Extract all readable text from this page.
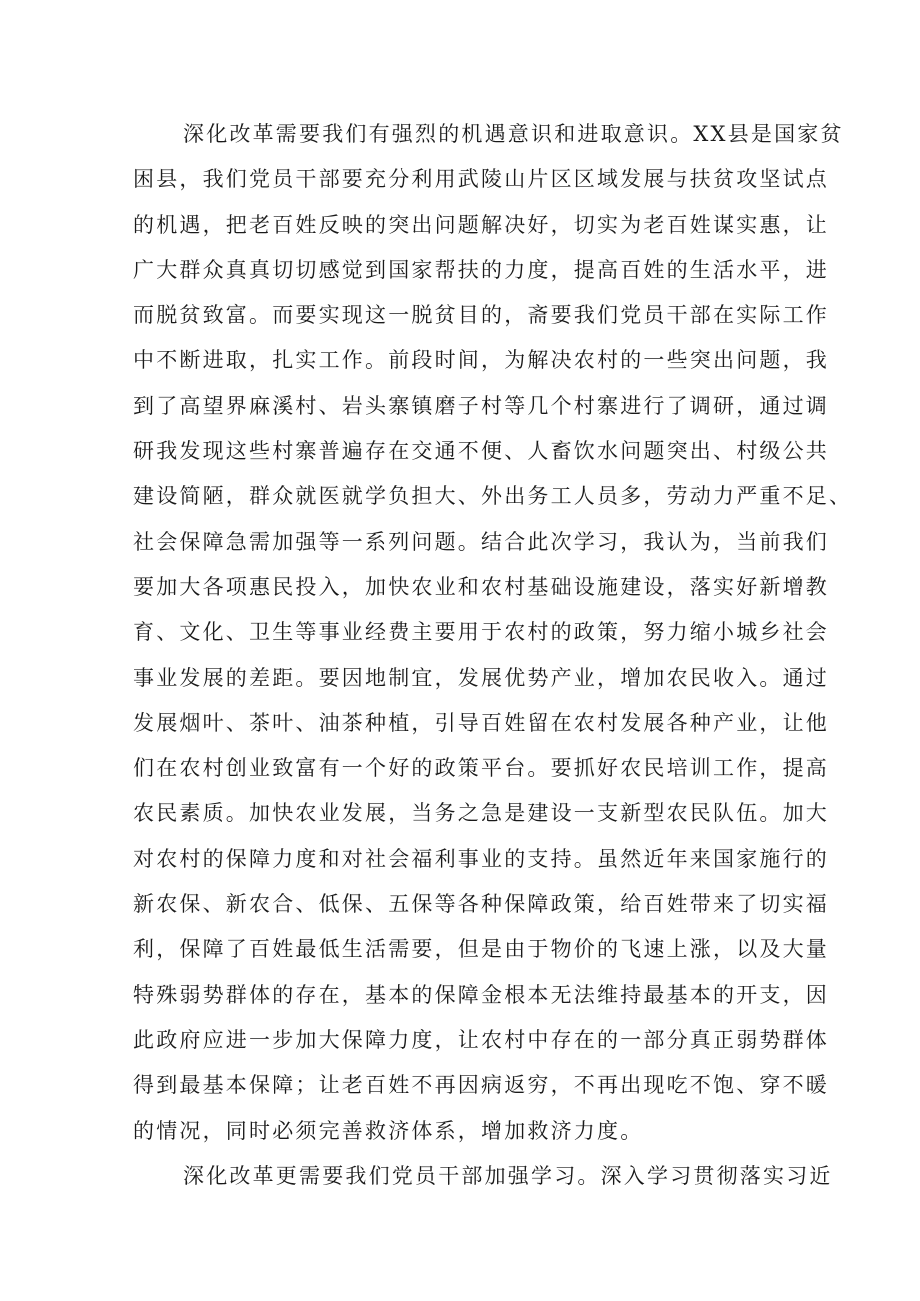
深化改革需要我们有强烈的机遇意识和进取意识。XX县是国家贫
困县，我们党员干部要充分利用武陵山片区区域发展与扶贫攻坚试点
的机遇，把老百姓反映的突出问题解决好，切实为老百姓谋实惠，让
广大群众真真切切感觉到国家帮扶的力度，提高百姓的生活水平，进
而脱贫致富。而要实现这一脱贫目的，斋要我们党员干部在实际工作
中不断进取，扎实工作。前段时间，为解决农村的一些突出问题，我
到了高望界麻溪村、岩头寨镇磨子村等几个村寨进行了调研，通过调
研我发现这些村寨普遍存在交通不便、人畜饮水问题突出、村级公共
建设简陋，群众就医就学负担大、外出务工人员多，劳动力严重不足、
社会保障急需加强等一系列问题。结合此次学习，我认为，当前我们
要加大各项惠民投入，加快农业和农村基础设施建设，落实好新增教
育、文化、卫生等事业经费主要用于农村的政策，努力缩小城乡社会
事业发展的差距。要因地制宜，发展优势产业，增加农民收入。通过
发展烟叶、茶叶、油茶种植，引导百姓留在农村发展各种产业，让他
们在农村创业致富有一个好的政策平台。要抓好农民培训工作，提高
农民素质。加快农业发展，当务之急是建设一支新型农民队伍。加大
对农村的保障力度和对社会福利事业的支持。虽然近年来国家施行的
新农保、新农合、低保、五保等各种保障政策，给百姓带来了切实福
利，保障了百姓最低生活需要，但是由于物价的飞速上涨，以及大量
特殊弱势群体的存在，基本的保障金根本无法维持最基本的开支，因
此政府应进一步加大保障力度，让农村中存在的一部分真正弱势群体
得到最基本保障；让老百姓不再因病返穷，不再出现吃不饱、穿不暖
的情况，同时必须完善救济体系，增加救济力度。
深化改革更需要我们党员干部加强学习。深入学习贯彻落实习近
